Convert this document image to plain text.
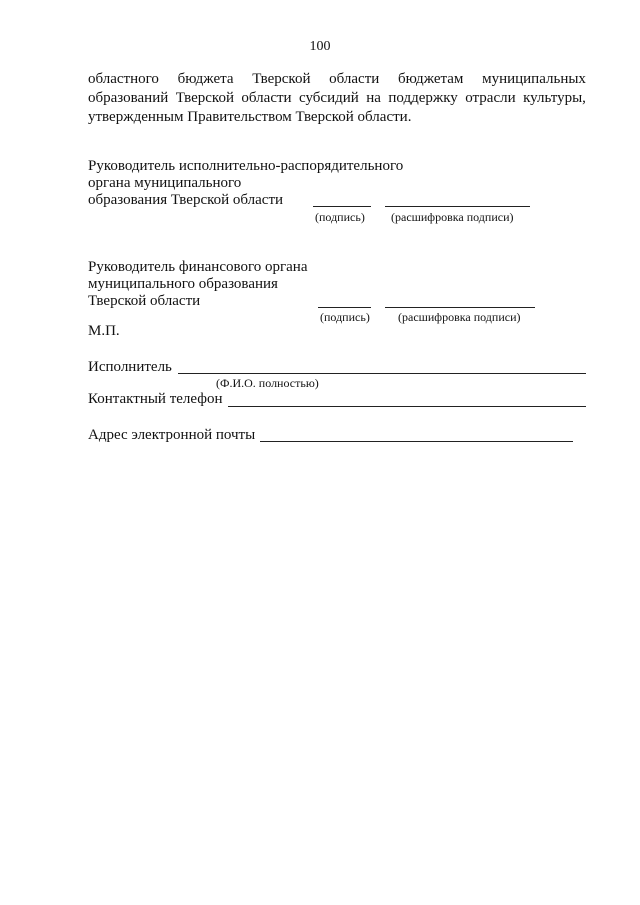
100
областного бюджета Тверской области бюджетам муниципальных
образований Тверской области субсидий на поддержку отрасли культуры,
утвержденным Правительством Тверской области.
Руководитель исполнительно-распорядительного
органа муниципального
образования Тверской области
(подпись) (расшифровка подписи)
Руководитель финансового органа
муниципального образования
Тверской области
(подпись) (расшифровка подписи)
М.П.
Исполнитель
(Ф.И.О. полностью)
Контактный телефон
Адрес электронной почты
